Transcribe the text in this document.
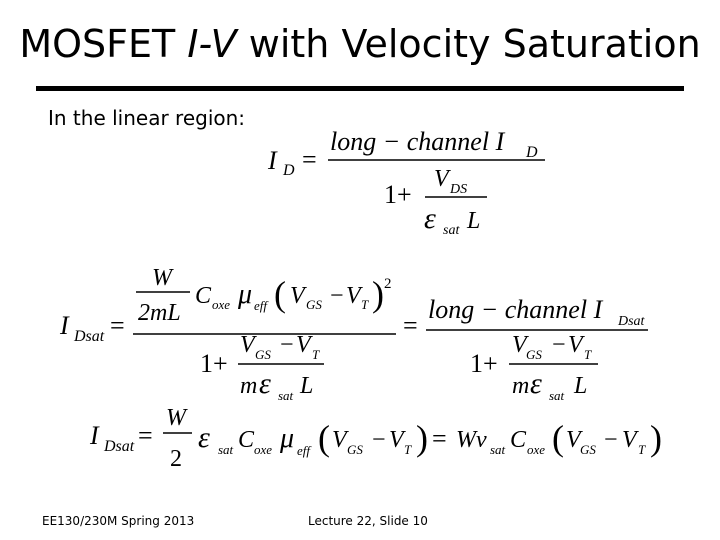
MOSFET I-V with Velocity Saturation
In the linear region:
I D =
long − channel I D
1+
V DS
ε sat L
I Dsat =
W
2mL
C oxe μ eff ( V GS − V T ) 2
1+
V GS − V T
m ε sat L
=
long − channel I Dsat
1+
V GS − V T
m ε sat L
I Dsat =
W
2
ε sat C oxe μ eff ( V GS − V T ) = Wv sat C oxe ( V GS − V T )
EE130/230M Spring 2013	Lecture 22, Slide 10
